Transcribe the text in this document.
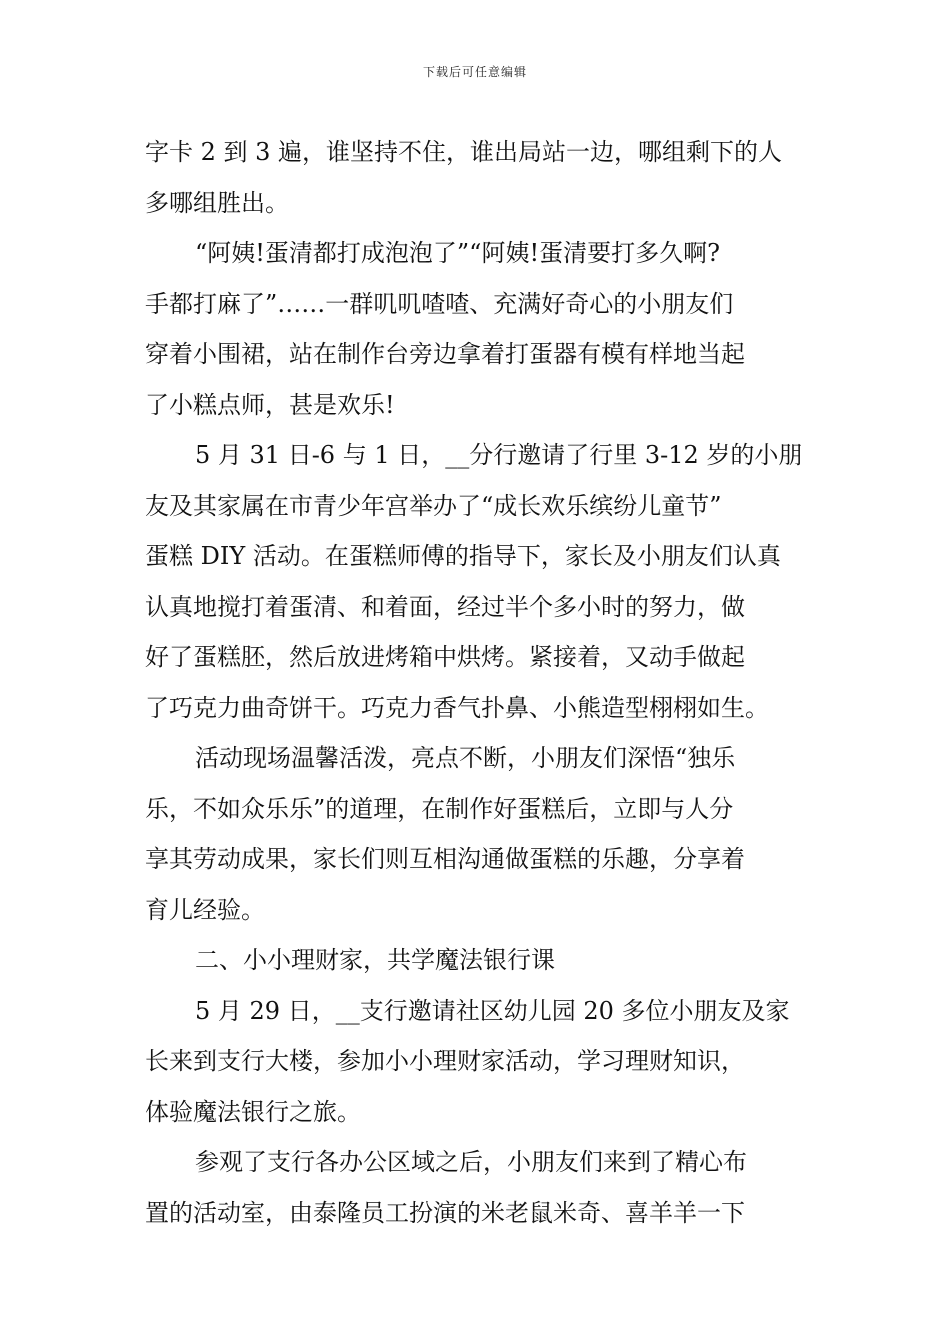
下载后可任意编辑
字卡 2 到 3 遍，谁坚持不住，谁出局站一边，哪组剩下的人
多哪组胜出。
“阿姨!蛋清都打成泡泡了”“阿姨!蛋清要打多久啊?
手都打麻了”……一群叽叽喳喳、充满好奇心的小朋友们
穿着小围裙，站在制作台旁边拿着打蛋器有模有样地当起
了小糕点师，甚是欢乐!
5 月 31 日-6 与 1 日，__分行邀请了行里 3-12 岁的小朋
友及其家属在市青少年宫举办了“成长欢乐缤纷儿童节”
蛋糕 DIY 活动。在蛋糕师傅的指导下，家长及小朋友们认真
认真地搅打着蛋清、和着面，经过半个多小时的努力，做
好了蛋糕胚，然后放进烤箱中烘烤。紧接着，又动手做起
了巧克力曲奇饼干。巧克力香气扑鼻、小熊造型栩栩如生。
活动现场温馨活泼，亮点不断，小朋友们深悟“独乐
乐，不如众乐乐”的道理，在制作好蛋糕后，立即与人分
享其劳动成果，家长们则互相沟通做蛋糕的乐趣，分享着
育儿经验。
二、小小理财家，共学魔法银行课
5 月 29 日，__支行邀请社区幼儿园 20 多位小朋友及家
长来到支行大楼，参加小小理财家活动，学习理财知识，
体验魔法银行之旅。
参观了支行各办公区域之后，小朋友们来到了精心布
置的活动室，由泰隆员工扮演的米老鼠米奇、喜羊羊一下
